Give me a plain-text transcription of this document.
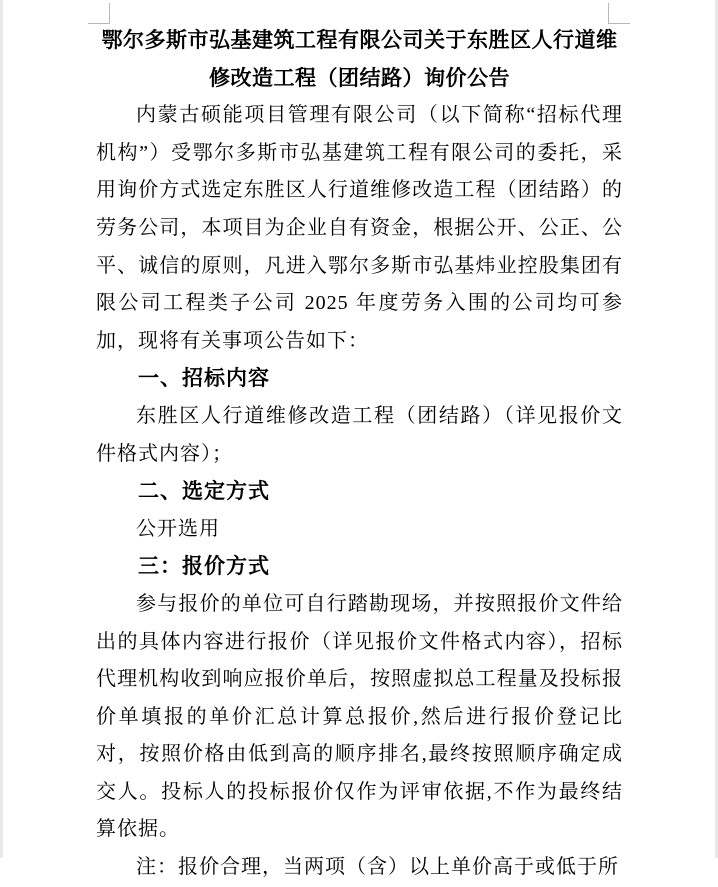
鄂尔多斯市弘基建筑工程有限公司关于东胜区人行道维
修改造工程（团结路）询价公告

内蒙古硕能项目管理有限公司（以下简称“招标代理机构”）受鄂尔多斯市弘基建筑工程有限公司的委托，采用询价方式选定东胜区人行道维修改造工程（团结路）的劳务公司，本项目为企业自有资金，根据公开、公正、公平、诚信的原则，凡进入鄂尔多斯市弘基炜业控股集团有限公司工程类子公司 2025 年度劳务入围的公司均可参加，现将有关事项公告如下：

一、招标内容

东胜区人行道维修改造工程（团结路）（详见报价文件格式内容）；

二、选定方式

公开选用

三：报价方式

参与报价的单位可自行踏勘现场，并按照报价文件给出的具体内容进行报价（详见报价文件格式内容），招标代理机构收到响应报价单后，按照虚拟总工程量及投标报价单填报的单价汇总计算总报价,然后进行报价登记比对，按照价格由低到高的顺序排名,最终按照顺序确定成交人。投标人的投标报价仅作为评审依据,不作为最终结算依据。

注：报价合理，当两项（含）以上单价高于或低于所
